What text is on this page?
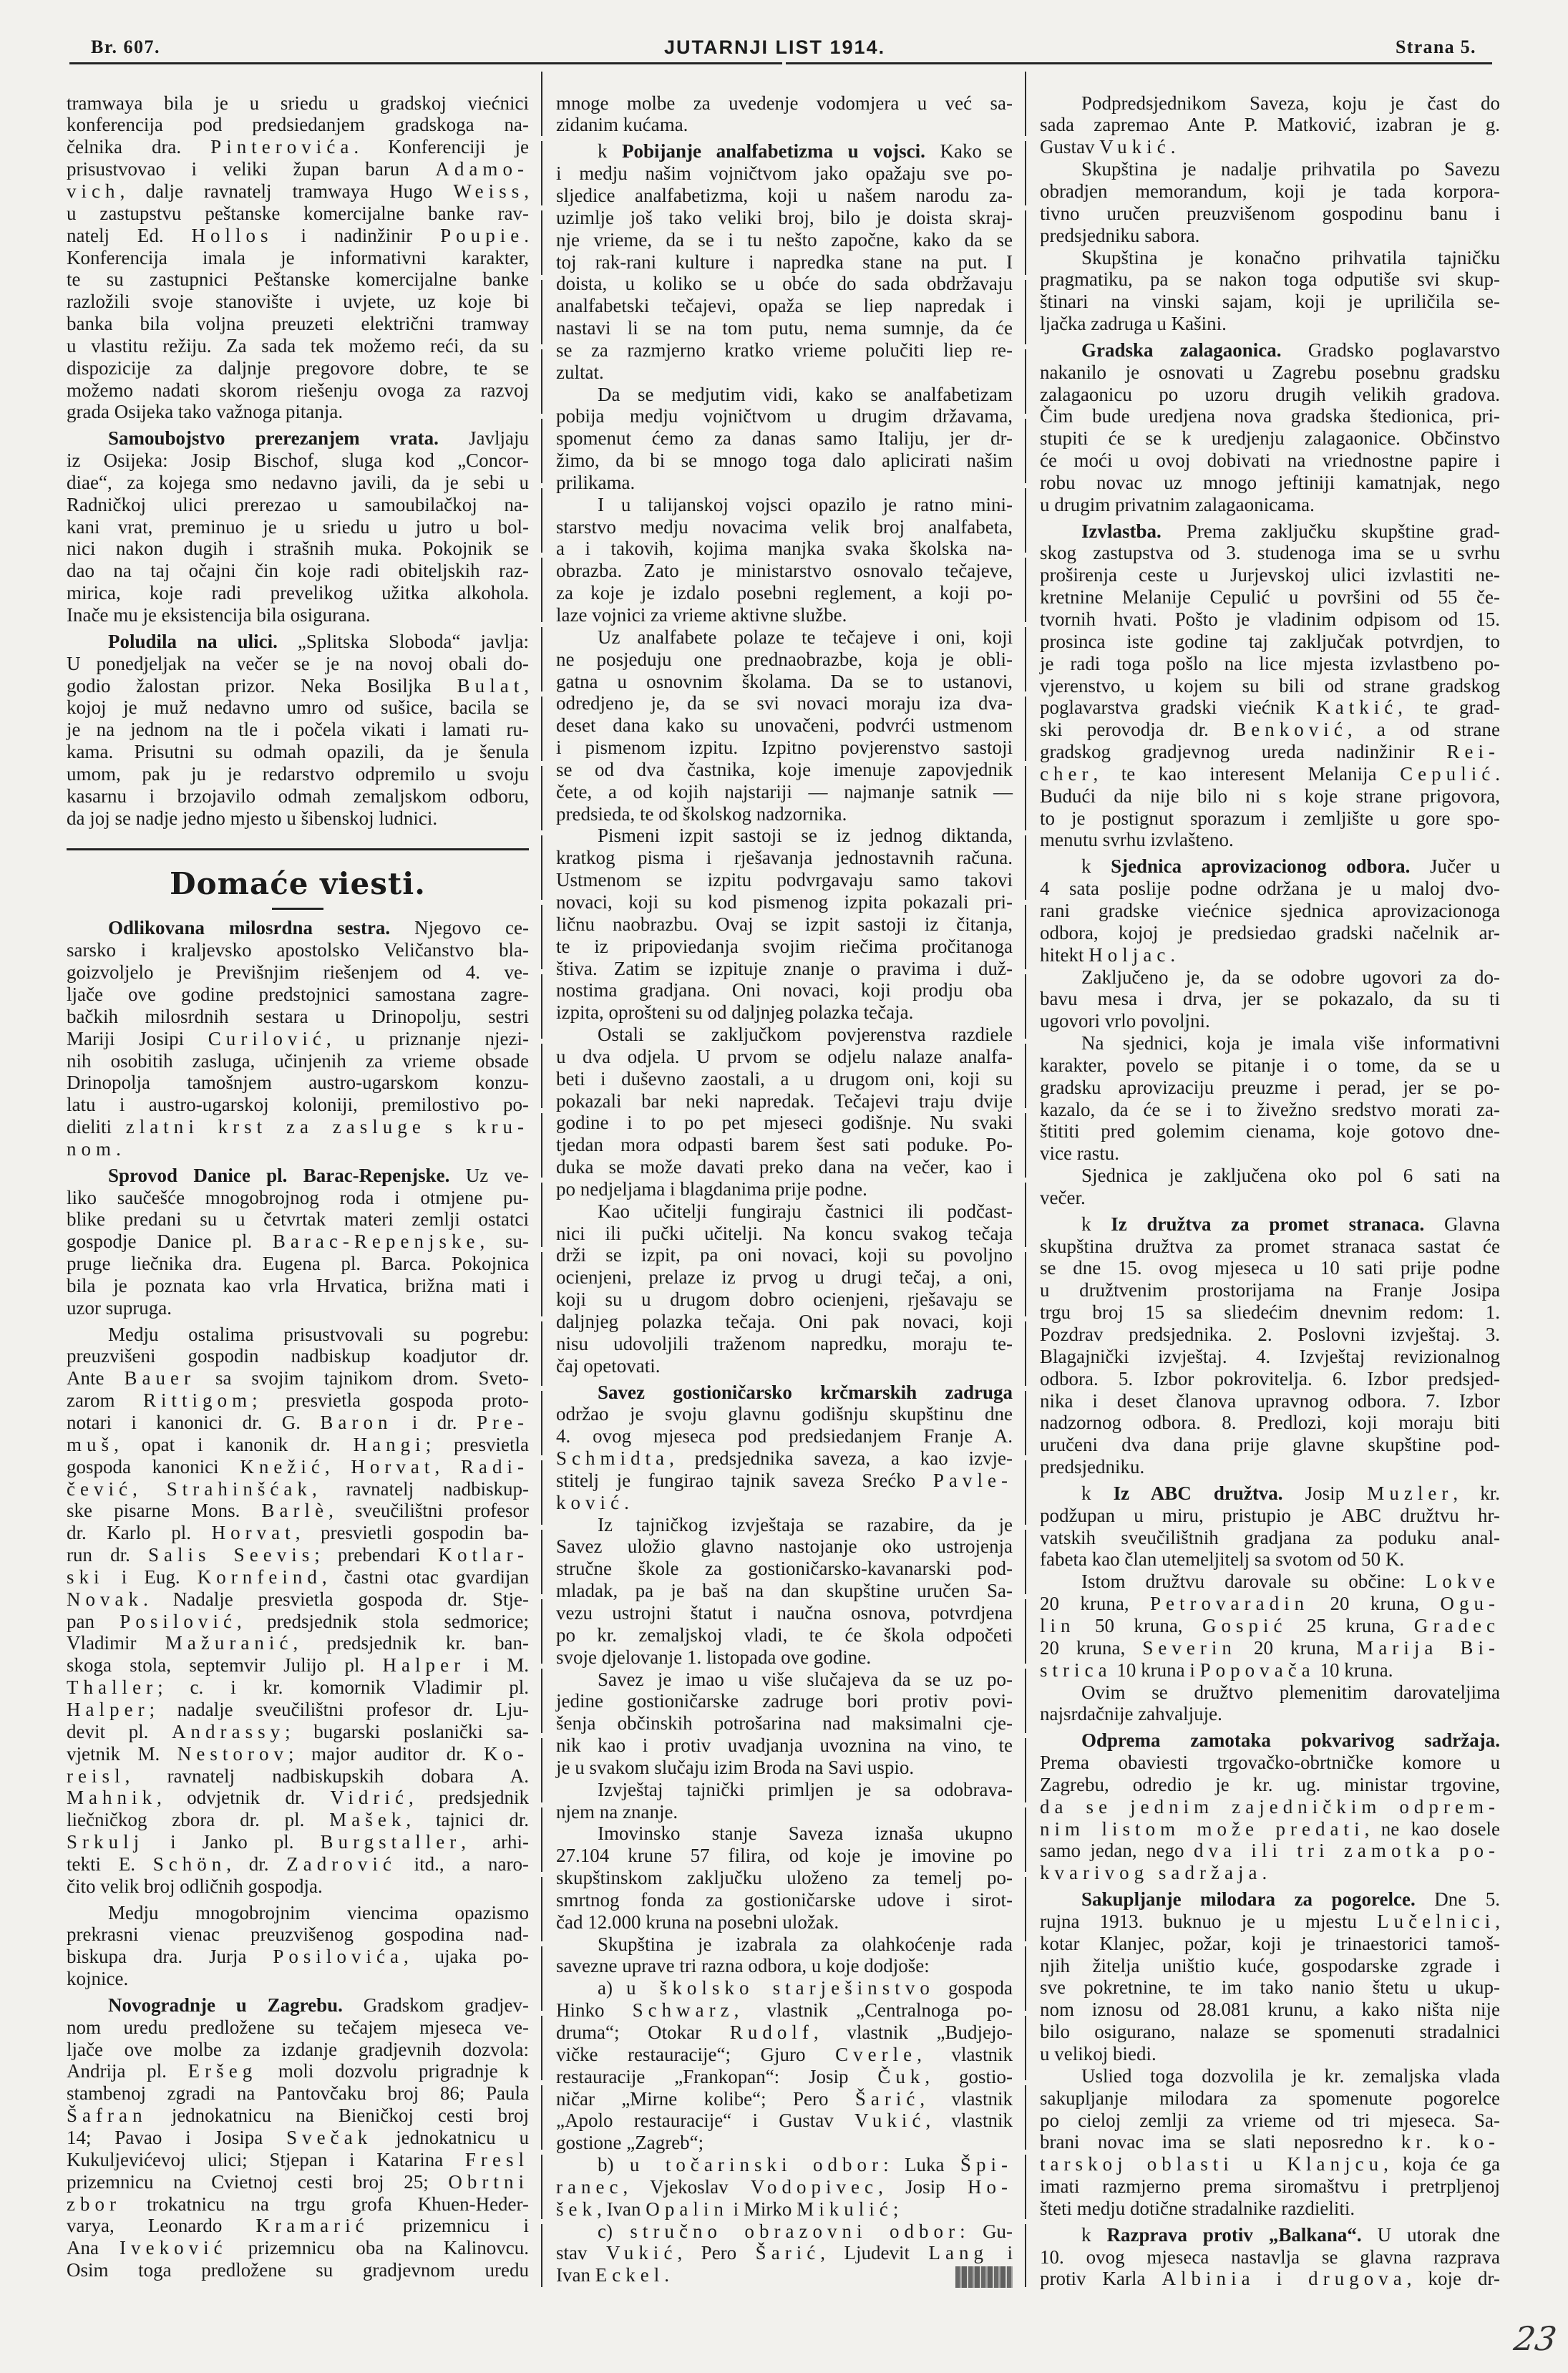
Br. 607.	JUTARNJI LIST 1914.	Strana 5.
tramwaya bila je u sriedu u gradskoj viećnici
konferencija pod predsiedanjem gradskoga na-
čelnika dra. Pinterovića. Konferenciji je
prisustvovao i veliki župan barun Adamo-
vich, dalje ravnatelj tramwaya Hugo Weiss,
u zastupstvu peštanske komercijalne banke rav-
natelj Ed. Hollos i nadinžinir Poupie.
Konferencija imala je informativni karakter,
te su zastupnici Peštanske komercijalne banke
razložili svoje stanovište i uvjete, uz koje bi
banka bila voljna preuzeti električni tramway
u vlastitu režiju. Za sada tek možemo reći, da su
dispozicije za daljnje pregovore dobre, te se
možemo nadati skorom riešenju ovoga za razvoj
grada Osijeka tako važnoga pitanja.
Samoubojstvo prerezanjem vrata. Javljaju
iz Osijeka: Josip Bischof, sluga kod „Concor-
diae“, za kojega smo nedavno javili, da je sebi u
Radničkoj ulici prerezao u samoubilačkoj na-
kani vrat, preminuo je u sriedu u jutro u bol-
nici nakon dugih i strašnih muka. Pokojnik se
dao na taj očajni čin koje radi obiteljskih raz-
mirica, koje radi prevelikog užitka alkohola.
Inače mu je eksistencija bila osigurana.
Poludila na ulici. „Splitska Sloboda“ javlja:
U ponedjeljak na večer se je na novoj obali do-
godio žalostan prizor. Neka Bosiljka Bulat,
kojoj je muž nedavno umro od sušice, bacila se
je na jednom na tle i počela vikati i lamati ru-
kama. Prisutni su odmah opazili, da je šenula
umom, pak ju je redarstvo odpremilo u svoju
kasarnu i brzojavilo odmah zemaljskom odboru,
da joj se nadje jedno mjesto u šibenskoj ludnici.
Domaće viesti.
Odlikovana milosrdna sestra. Njegovo ce-
sarsko i kraljevsko apostolsko Veličanstvo bla-
goizvoljelo je Previšnjim riešenjem od 4. ve-
ljače ove godine predstojnici samostana zagre-
bačkih milosrdnih sestara u Drinopolju, sestri
Mariji Josipi Curilović, u priznanje njezi-
nih osobitih zasluga, učinjenih za vrieme obsade
Drinopolja tamošnjem austro-ugarskom konzu-
latu i austro-ugarskoj koloniji, premilostivo po-
dieliti zlatni krst za zasluge s kru-
nom.
Sprovod Danice pl. Barac-Repenjske. Uz ve-
liko saučešće mnogobrojnog roda i otmjene pu-
blike predani su u četvrtak materi zemlji ostatci
gospodje Danice pl. Barac-Repenjske, su-
pruge liečnika dra. Eugena pl. Barca. Pokojnica
bila je poznata kao vrla Hrvatica, brižna mati i
uzor supruga.
Medju ostalima prisustvovali su pogrebu:
preuzvišeni gospodin nadbiskup koadjutor dr.
Ante Bauer sa svojim tajnikom drom. Sveto-
zarom Rittigom; presvietla gospoda proto-
notari i kanonici dr. G. Baron i dr. Pre-
muš, opat i kanonik dr. Hangi; presvietla
gospoda kanonici Knežić, Horvat, Radi-
čević, Strahinšćak, ravnatelj nadbiskup-
ske pisarne Mons. Barlè, sveučilištni profesor
dr. Karlo pl. Horvat, presvietli gospodin ba-
run dr. Salis Seevis; prebendari Kotlar-
ski i Eug. Kornfeind, častni otac gvardijan
Novak. Nadalje presvietla gospoda dr. Stje-
pan Posilović, predsjednik stola sedmorice;
Vladimir Mažuranić, predsjednik kr. ban-
skoga stola, septemvir Julijo pl. Halper i M.
Thaller; c. i kr. komornik Vladimir pl.
Halper; nadalje sveučilištni profesor dr. Lju-
devit pl. Andrassy; bugarski poslanički sa-
vjetnik M. Nestorov; major auditor dr. Ko-
reisl, ravnatelj nadbiskupskih dobara A.
Mahnik, odvjetnik dr. Vidrić, predsjednik
liečničkog zbora dr. pl. Mašek, tajnici dr.
Srkulj i Janko pl. Burgstaller, arhi-
tekti E. Schön, dr. Zadrović itd., a naro-
čito velik broj odličnih gospodja.
Medju mnogobrojnim viencima opazismo
prekrasni vienac preuzvišenog gospodina nad-
biskupa dra. Jurja Posilovića, ujaka po-
kojnice.
Novogradnje u Zagrebu. Gradskom gradjev-
nom uredu predložene su tečajem mjeseca ve-
ljače ove molbe za izdanje gradjevnih dozvola:
Andrija pl. Eršeg moli dozvolu prigradnje k
stambenoj zgradi na Pantovčaku broj 86; Paula
Šafran jednokatnicu na Bieničkoj cesti broj
14; Pavao i Josipa Svečak jednokatnicu u
Kukuljevićevoj ulici; Stjepan i Katarina Fresl
prizemnicu na Cvietnoj cesti broj 25; Obrtni
zbor trokatnicu na trgu grofa Khuen-Heder-
varya, Leonardo Kramarić prizemnicu i
Ana Iveković prizemnicu oba na Kalinovcu.
Osim toga predložene su gradjevnom uredu
mnoge molbe za uvedenje vodomjera u već sa-
zidanim kućama.
k Pobijanje analfabetizma u vojsci. Kako se
i medju našim vojničtvom jako opažaju sve po-
sljedice analfabetizma, koji u našem narodu za-
uzimlje još tako veliki broj, bilo je doista skraj-
nje vrieme, da se i tu nešto započne, kako da se
toj rak-rani kulture i napredka stane na put. I
doista, u koliko se u obće do sada obdržavaju
analfabetski tečajevi, opaža se liep napredak i
nastavi li se na tom putu, nema sumnje, da će
se za razmjerno kratko vrieme polučiti liep re-
zultat.
Da se medjutim vidi, kako se analfabetizam
pobija medju vojničtvom u drugim državama,
spomenut ćemo za danas samo Italiju, jer dr-
žimo, da bi se mnogo toga dalo aplicirati našim
prilikama.
I u talijanskoj vojsci opazilo je ratno mini-
starstvo medju novacima velik broj analfabeta,
a i takovih, kojima manjka svaka školska na-
obrazba. Zato je ministarstvo osnovalo tečajeve,
za koje je izdalo posebni reglement, a koji po-
laze vojnici za vrieme aktivne službe.
Uz analfabete polaze te tečajeve i oni, koji
ne posjeduju one prednaobrazbe, koja je obli-
gatna u osnovnim školama. Da se to ustanovi,
odredjeno je, da se svi novaci moraju iza dva-
deset dana kako su unovačeni, podvrći ustmenom
i pismenom izpitu. Izpitno povjerenstvo sastoji
se od dva častnika, koje imenuje zapovjednik
čete, a od kojih najstariji — najmanje satnik —
predsieda, te od školskog nadzornika.
Pismeni izpit sastoji se iz jednog diktanda,
kratkog pisma i rješavanja jednostavnih računa.
Ustmenom se izpitu podvrgavaju samo takovi
novaci, koji su kod pismenog izpita pokazali pri-
ličnu naobrazbu. Ovaj se izpit sastoji iz čitanja,
te iz pripoviedanja svojim riečima pročitanoga
štiva. Zatim se izpituje znanje o pravima i duž-
nostima gradjana. Oni novaci, koji prodju oba
izpita, oprošteni su od daljnjeg polazka tečaja.
Ostali se zaključkom povjerenstva razdiele
u dva odjela. U prvom se odjelu nalaze analfa-
beti i duševno zaostali, a u drugom oni, koji su
pokazali bar neki napredak. Tečajevi traju dvije
godine i to po pet mjeseci godišnje. Nu svaki
tjedan mora odpasti barem šest sati poduke. Po-
duka se može davati preko dana na večer, kao i
po nedjeljama i blagdanima prije podne.
Kao učitelji fungiraju častnici ili podčast-
nici ili pučki učitelji. Na koncu svakog tečaja
drži se izpit, pa oni novaci, koji su povoljno
ocienjeni, prelaze iz prvog u drugi tečaj, a oni,
koji su u drugom dobro ocienjeni, rješavaju se
daljnjeg polazka tečaja. Oni pak novaci, koji
nisu udovoljili traženom napredku, moraju te-
čaj opetovati.
Savez gostioničarsko krčmarskih zadruga
održao je svoju glavnu godišnju skupštinu dne
4. ovog mjeseca pod predsiedanjem Franje A.
Schmidta, predsjednika saveza, a kao izvje-
stitelj je fungirao tajnik saveza Srećko Pavle-
ković.
Iz tajničkog izvještaja se razabire, da je
Savez uložio glavno nastojanje oko ustrojenja
stručne škole za gostioničarsko-kavanarski pod-
mladak, pa je baš na dan skupštine uručen Sa-
vezu ustrojni štatut i naučna osnova, potvrdjena
po kr. zemaljskoj vladi, te će škola odpočeti
svoje djelovanje 1. listopada ove godine.
Savez je imao u više slučajeva da se uz po-
jedine gostioničarske zadruge bori protiv povi-
šenja občinskih potrošarina nad maksimalni cje-
nik kao i protiv uvadjanja uvoznina na vino, te
je u svakom slučaju izim Broda na Savi uspio.
Izvještaj tajnički primljen je sa odobrava-
njem na znanje.
Imovinsko stanje Saveza iznaša ukupno
27.104 krune 57 filira, od koje je imovine po
skupštinskom zaključku uloženo za temelj po-
smrtnog fonda za gostioničarske udove i sirot-
čad 12.000 kruna na posebni uložak.
Skupština je izabrala za olahkoćenje rada
savezne uprave tri razna odbora, u koje dodjoše:
a) u školsko starješinstvo gospoda
Hinko Schwarz, vlastnik „Centralnoga po-
druma“; Otokar Rudolf, vlastnik „Budjejo-
vičke restauracije“; Gjuro Cverle, vlastnik
restauracije „Frankopan“: Josip Čuk, gostio-
ničar „Mirne kolibe“; Pero Šarić, vlastnik
„Apolo restauracije“ i Gustav Vukić, vlastnik
gostione „Zagreb“;
b) u točarinski odbor: Luka Špi-
ranec, Vjekoslav Vodopivec, Josip Ho-
šek, Ivan Opalin i Mirko Mikulić;
c) stručno obrazovni odbor: Gu-
stav Vukić, Pero Šarić, Ljudevit Lang i
Ivan Eckel.
Podpredsjednikom Saveza, koju je čast do
sada zapremao Ante P. Matković, izabran je g.
Gustav Vukić.
Skupština je nadalje prihvatila po Savezu
obradjen memorandum, koji je tada korpora-
tivno uručen preuzvišenom gospodinu banu i
predsjedniku sabora.
Skupština je konačno prihvatila tajničku
pragmatiku, pa se nakon toga odputiše svi skup-
štinari na vinski sajam, koji je upriličila se-
ljačka zadruga u Kašini.
Gradska zalagaonica. Gradsko poglavarstvo
nakanilo je osnovati u Zagrebu posebnu gradsku
zalagaonicu po uzoru drugih velikih gradova.
Čim bude uredjena nova gradska štedionica, pri-
stupiti će se k uredjenju zalagaonice. Občinstvo
će moći u ovoj dobivati na vriednostne papire i
robu novac uz mnogo jeftiniji kamatnjak, nego
u drugim privatnim zalagaonicama.
Izvlastba. Prema zaključku skupštine grad-
skog zastupstva od 3. studenoga ima se u svrhu
proširenja ceste u Jurjevskoj ulici izvlastiti ne-
kretnine Melanije Cepulić u površini od 55 če-
tvornih hvati. Pošto je vladinim odpisom od 15.
prosinca iste godine taj zaključak potvrdjen, to
je radi toga pošlo na lice mjesta izvlastbeno po-
vjerenstvo, u kojem su bili od strane gradskog
poglavarstva gradski viećnik Katkić, te grad-
ski perovodja dr. Benković, a od strane
gradskog gradjevnog ureda nadinžinir Rei-
cher, te kao interesent Melanija Cepulić.
Budući da nije bilo ni s koje strane prigovora,
to je postignut sporazum i zemljište u gore spo-
menutu svrhu izvlašteno.
k Sjednica aprovizacionog odbora. Jučer u
4 sata poslije podne održana je u maloj dvo-
rani gradske viećnice sjednica aprovizacionoga
odbora, kojoj je predsiedao gradski načelnik ar-
hitekt Holjac.
Zaključeno je, da se odobre ugovori za do-
bavu mesa i drva, jer se pokazalo, da su ti
ugovori vrlo povoljni.
Na sjednici, koja je imala više informativni
karakter, povelo se pitanje i o tome, da se u
gradsku aprovizaciju preuzme i perad, jer se po-
kazalo, da će se i to živežno sredstvo morati za-
štititi pred golemim cienama, koje gotovo dne-
vice rastu.
Sjednica je zaključena oko pol 6 sati na
večer.
k Iz družtva za promet stranaca. Glavna
skupština družtva za promet stranaca sastat će
se dne 15. ovog mjeseca u 10 sati prije podne
u družtvenim prostorijama na Franje Josipa
trgu broj 15 sa sliedećim dnevnim redom: 1.
Pozdrav predsjednika. 2. Poslovni izvještaj. 3.
Blagajnički izvještaj. 4. Izvještaj revizionalnog
odbora. 5. Izbor pokrovitelja. 6. Izbor predsjed-
nika i deset članova upravnog odbora. 7. Izbor
nadzornog odbora. 8. Predlozi, koji moraju biti
uručeni dva dana prije glavne skupštine pod-
predsjedniku.
k Iz ABC družtva. Josip Muzler, kr.
podžupan u miru, pristupio je ABC družtvu hr-
vatskih sveučilištnih gradjana za poduku anal-
fabeta kao član utemeljitelj sa svotom od 50 K.
Istom družtvu darovale su občine: Lokve
20 kruna, Petrovaradin 20 kruna, Ogu-
lin 50 kruna, Gospić 25 kruna, Gradec
20 kruna, Severin 20 kruna, Marija Bi-
strica 10 kruna i Popovača 10 kruna.
Ovim se družtvo plemenitim darovateljima
najsrdačnije zahvaljuje.
Odprema zamotaka pokvarivog sadržaja.
Prema obaviesti trgovačko-obrtničke komore u
Zagrebu, odredio je kr. ug. ministar trgovine,
da se jednim zajedničkim odprem-
nim listom može predati, ne kao dosele
samo jedan, nego dva ili tri zamotka po-
kvarivog sadržaja.
Sakupljanje milodara za pogorelce. Dne 5.
rujna 1913. buknuo je u mjestu Lučelnici,
kotar Klanjec, požar, koji je trinaestorici tamoš-
njih žitelja uništio kuće, gospodarske zgrade i
sve pokretnine, te im tako nanio štetu u ukup-
nom iznosu od 28.081 krunu, a kako ništa nije
bilo osigurano, nalaze se spomenuti stradalnici
u velikoj biedi.
Uslied toga dozvolila je kr. zemaljska vlada
sakupljanje milodara za spomenute pogorelce
po cieloj zemlji za vrieme od tri mjeseca. Sa-
brani novac ima se slati neposredno kr. ko-
tarskoj oblasti u Klanjcu, koja će ga
imati razmjerno prema siromaštvu i pretrpljenoj
šteti medju dotične stradalnike razdieliti.
k Razprava protiv „Balkana“. U utorak dne
10. ovog mjeseca nastavlja se glavna razprava
protiv Karla Albinia i drugova, koje dr-
23
